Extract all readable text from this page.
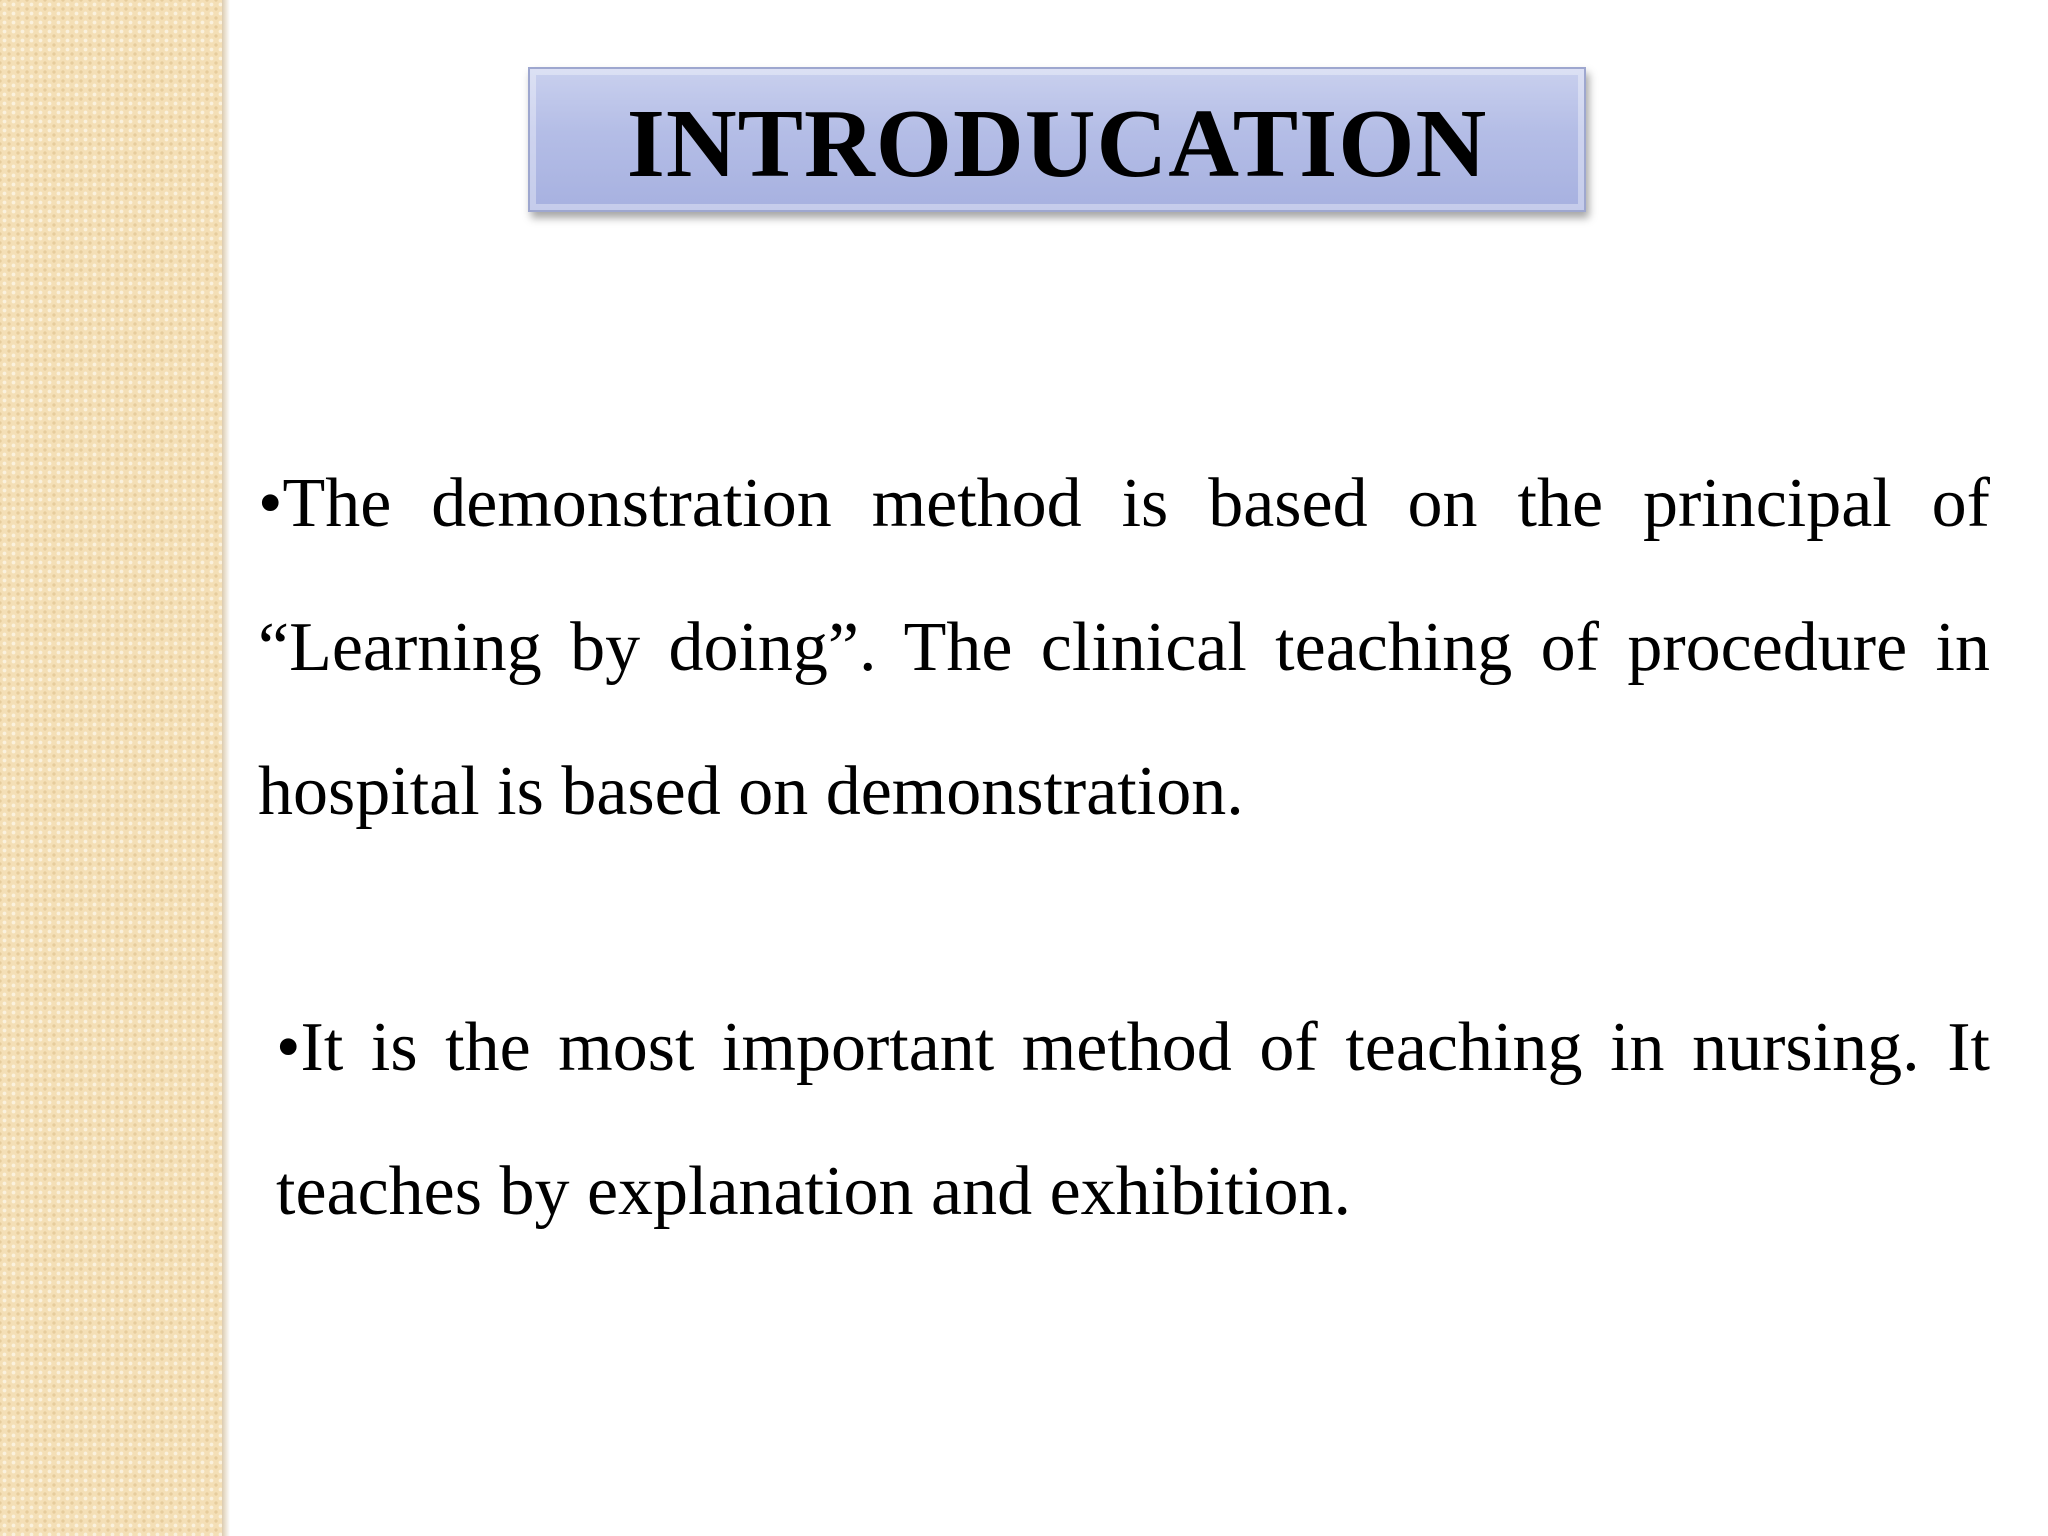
INTRODUCATION

•The demonstration method is based on the principal of “Learning by doing”. The clinical teaching of procedure in hospital is based on demonstration.

•It is the most important method of teaching in nursing. It teaches by explanation and exhibition.
